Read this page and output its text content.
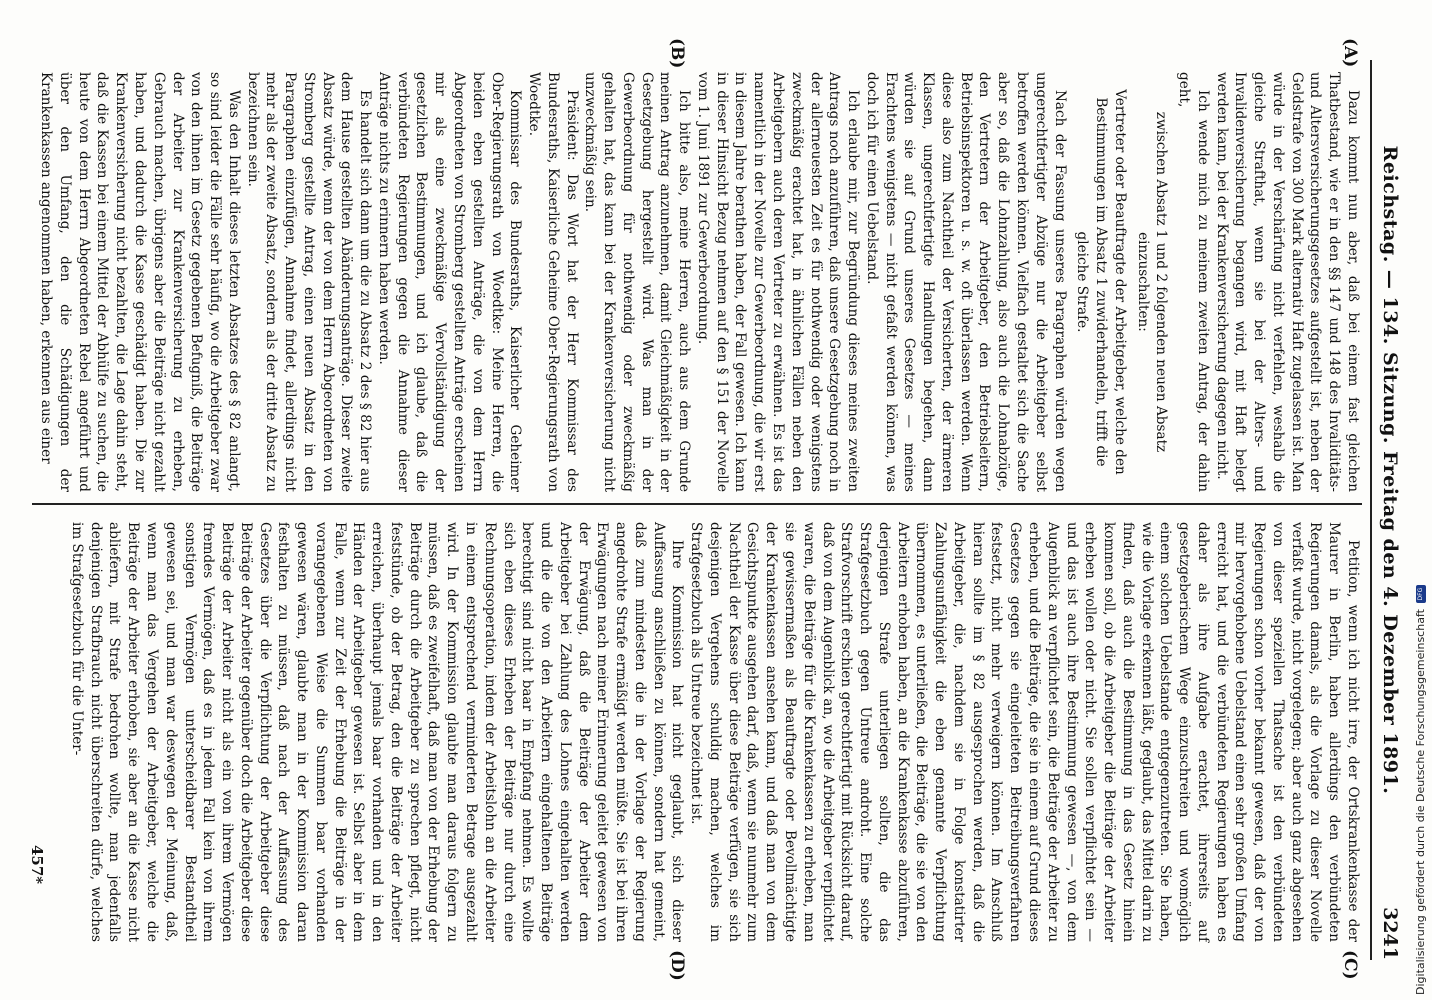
Reichstag. — 134. Sitzung. Freitag den 4. Dezember 1891.
3241
(A)
(B)
(C)
(D)

Dazu kommt nun aber, daß bei einem fast gleichen Thatbestand, wie er in den §§ 147 und 148 des Invaliditäts- und Altersversicherungsgesetzes aufgestellt ist, neben der Geldstrafe von 300 Mark alternativ Haft zugelassen ist. Man würde in der Verschärfung nicht verfehlen, weshalb die gleiche Strafthat, wenn sie bei der Alters- und Invalidenversicherung begangen wird, mit Haft belegt werden kann, bei der Krankenversicherung dagegen nicht.

Ich wende mich zu meinem zweiten Antrag, der dahin geht,

zwischen Absatz 1 und 2 folgenden neuen Absatz einzuschalten:

Vertreter oder Beauftragte der Arbeitgeber, welche den Bestimmungen im Absatz 1 zuwiderhandeln, trifft die gleiche Strafe.

Nach der Fassung unseres Paragraphen würden wegen ungerechtfertigter Abzüge nur die Arbeitgeber selbst betroffen werden können. Vielfach gestaltet sich die Sache aber so, daß die Lohnzahlung, also auch die Lohnabzüge, den Vertretern der Arbeitgeber, den Betriebsleitern, Betriebsinspektoren u. s. w. oft überlassen werden. Wenn diese also zum Nachtheil der Versicherten, der ärmeren Klassen, ungerechtfertigte Handlungen begehen, dann würden sie auf Grund unseres Gesetzes — meines Erachtens wenigstens — nicht gefaßt werden können, was doch ich für einen Uebelstand.

Ich erlaube mir, zur Begründung dieses meines zweiten Antrags noch anzuführen, daß unsere Gesetzgebung noch in der allerneuesten Zeit es für nothwendig oder wenigstens zweckmäßig erachtet hat, in ähnlichen Fällen neben den Arbeitgebern auch deren Vertreter zu erwähnen. Es ist das namentlich in der Novelle zur Gewerbeordnung, die wir erst in diesem Jahre berathen haben, der Fall gewesen. Ich kann in dieser Hinsicht Bezug nehmen auf den § 151 der Novelle vom 1. Juni 1891 zur Gewerbeordnung.

Ich bitte also, meine Herren, auch aus dem Grunde meinen Antrag anzunehmen, damit Gleichmäßigkeit in der Gesetzgebung hergestellt wird. Was man in der Gewerbeordnung für nothwendig oder zweckmäßig gehalten hat, das kann bei der Krankenversicherung nicht unzweckmäßig sein.

Präsident: Das Wort hat der Herr Kommissar des Bundesraths, Kaiserliche Geheime Ober-Regierungsrath von Woedtke.

Kommissar des Bundesraths, Kaiserlicher Geheimer Ober-Regierungsrath von Woedtke: Meine Herren, die beiden eben gestellten Anträge, die von dem Herrn Abgeordneten von Stromberg gestellten Anträge erscheinen mir als eine zweckmäßige Vervollständigung der gesetzlichen Bestimmungen, und ich glaube, daß die verbündeten Regierungen gegen die Annahme dieser Anträge nichts zu erinnern haben werden.

Es handelt sich dann um die zu Absatz 2 des § 82 hier aus dem Hause gestellten Abänderungsanträge. Dieser zweite Absatz würde, wenn der von dem Herrn Abgeordneten von Stromberg gestellte Antrag, einen neuen Absatz in den Paragraphen einzufügen, Annahme findet, allerdings nicht mehr als der zweite Absatz, sondern als der dritte Absatz zu bezeichnen sein.

Was den Inhalt dieses letzten Absatzes des § 82 anlangt, so sind leider die Fälle sehr häufig, wo die Arbeitgeber zwar von den ihnen im Gesetz gegebenen Befugniß, die Beiträge der Arbeiter zur Krankenversicherung zu erheben, Gebrauch machen, übrigens aber die Beiträge nicht gezahlt haben, und dadurch die Kasse geschädigt haben. Die zur Krankenversicherung nicht bezahlten, die Lage dahin steht, daß die Kassen bei einem Mittel der Abhülfe zu suchen, die heute von dem Herrn Abgeordneten Rebel angeführt und über den Umfang, den die Schädigungen der Krankenkassen angenommen haben, erkennen aus einer

Petition, wenn ich nicht irre, der Ortskrankenkasse der Maurer in Berlin, haben allerdings den verbündeten Regierungen damals, als die Vorlage zu dieser Novelle verfaßt wurde, nicht vorgelegen; aber auch ganz abgesehen von dieser speziellen Thatsache ist den verbündeten Regierungen schon vorher bekannt gewesen, daß der von mir hervorgehobene Uebelstand einen sehr großen Umfang erreicht hat, und die verbündeten Regierungen haben es daher als ihre Aufgabe erachtet, ihrerseits auf gesetzgeberischem Wege einzuschreiten und womöglich einem solchen Uebelstande entgegenzutreten. Sie haben, wie die Vorlage erkennen läßt, geglaubt, das Mittel darin zu finden, daß auch die Bestimmung in das Gesetz hinein kommen soll, ob die Arbeitgeber die Beiträge der Arbeiter erheben wollen oder nicht. Sie sollen verpflichtet sein — und das ist auch ihre Bestimmung gewesen —, von dem Augenblick an verpflichtet sein, die Beiträge der Arbeiter zu erheben, und die Beiträge, die sie in einem auf Grund dieses Gesetzes gegen sie eingeleiteten Beitreibungsverfahren festsetzt, nicht mehr verweigern können. Im Anschluß hieran sollte im § 82 ausgesprochen werden, daß die Arbeitgeber, die, nachdem sie in Folge konstatirter Zahlungsunfähigkeit die eben genannte Verpflichtung übernommen, es unterließen, die Beiträge, die sie von den Arbeitern erhoben haben, an die Krankenkasse abzuführen, derjenigen Strafe unterliegen sollten, die das Strafgesetzbuch gegen Untreue androht. Eine solche Strafvorschrift erschien gerechtfertigt mit Rücksicht darauf, daß von dem Augenblick an, wo die Arbeitgeber verpflichtet waren, die Beiträge für die Krankenkassen zu erheben, man sie gewissermaßen als Beauftragte oder Bevollmächtigte der Krankenkassen ansehen kann, und daß man von dem Gesichtspunkte ausgehen darf, daß, wenn sie nunmehr zum Nachtheil der Kasse über diese Beiträge verfügen, sie sich desjenigen Vergehens schuldig machen, welches im Strafgesetzbuch als Untreue bezeichnet ist.

Ihre Kommission hat nicht geglaubt, sich dieser Auffassung anschließen zu können, sondern hat gemeint, daß zum mindesten die in der Vorlage der Regierung angedrohte Strafe ermäßigt werden müßte. Sie ist bei ihren Erwägungen nach meiner Erinnerung geleitet gewesen von der Erwägung, daß die Beiträge der Arbeiter dem Arbeitgeber bei Zahlung des Lohnes eingehalten werden und die die von den Arbeitern eingehaltenen Beiträge berechtigt sind nicht baar in Empfang nehmen. Es wollte sich eben dieses Erheben der Beiträge nur durch eine Rechnungsoperation, indem der Arbeitslohn an die Arbeiter in einem entsprechend verminderten Betrage ausgezahlt wird. In der Kommission glaubte man daraus folgern zu müssen, daß es zweifelhaft, daß man von der Erhebung der Beiträge durch die Arbeitgeber zu sprechen pflegt, nicht feststünde, ob der Betrag, den die Beiträge der Arbeiter erreichen, überhaupt jemals baar vorhanden und in den Händen der Arbeitgeber gewesen ist. Selbst aber in dem Falle, wenn zur Zeit der Erhebung die Beiträge in der vorangegebenen Weise die Summen baar vorhanden gewesen wären, glaubte man in der Kommission daran festhalten zu müssen, daß nach der Auffassung des Gesetzes über die Verpflichtung der Arbeitgeber diese Beiträge der Arbeiter gegenüber doch die Arbeitgeber diese Beiträge der Arbeiter nicht als ein von ihrem Vermögen fremdes Vermögen, daß es in jedem Fall kein von ihrem sonstigen Vermögen unterscheidbarer Bestandtheil gewesen sei, und man war deswegen der Meinung, daß, wenn man das Vergehen der Arbeitgeber, welche die Beiträge der Arbeiter erhoben, sie aber an die Kasse nicht abliefern, mit Strafe bedrohen wollte, man jedenfalls denjenigen Strafbrauch nicht überschreiten dürfe, welches im Strafgesetzbuch für die Unter-

457*	Digitalisierung gefördert durch die Deutsche Forschungsgemeinschaft
DFG
